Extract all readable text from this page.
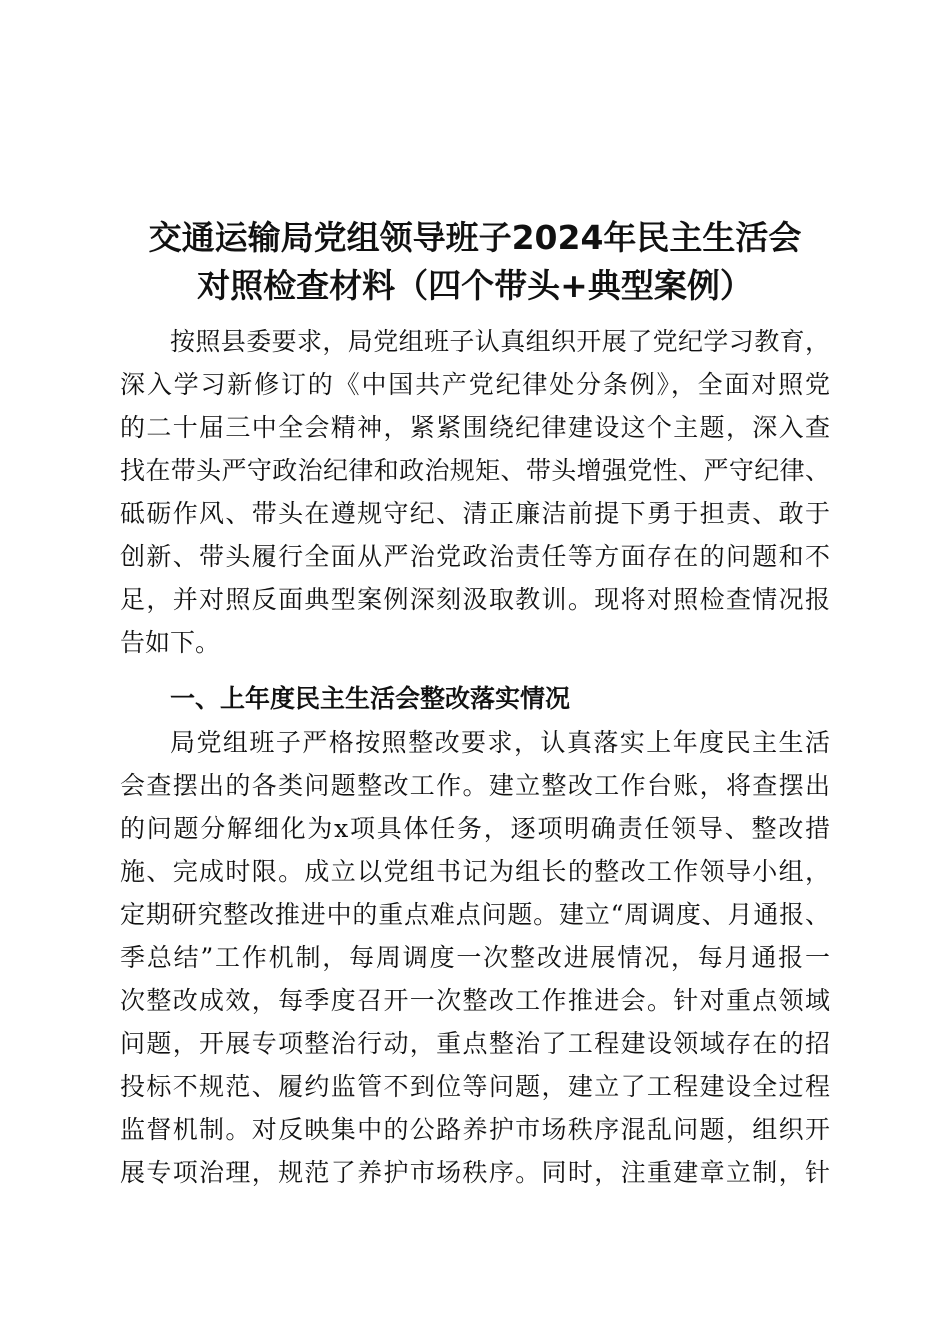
交通运输局党组领导班子2024年民主生活会
对照检查材料（四个带头+典型案例）
按照县委要求，局党组班子认真组织开展了党纪学习教育，
深入学习新修订的《中国共产党纪律处分条例》，全面对照党
的二十届三中全会精神，紧紧围绕纪律建设这个主题，深入查
找在带头严守政治纪律和政治规矩、带头增强党性、严守纪律、
砥砺作风、带头在遵规守纪、清正廉洁前提下勇于担责、敢于
创新、带头履行全面从严治党政治责任等方面存在的问题和不
足，并对照反面典型案例深刻汲取教训。现将对照检查情况报
告如下。
一、上年度民主生活会整改落实情况
局党组班子严格按照整改要求，认真落实上年度民主生活
会查摆出的各类问题整改工作。建立整改工作台账，将查摆出
的问题分解细化为x项具体任务，逐项明确责任领导、整改措
施、完成时限。成立以党组书记为组长的整改工作领导小组，
定期研究整改推进中的重点难点问题。建立“周调度、月通报、
季总结”工作机制，每周调度一次整改进展情况，每月通报一
次整改成效，每季度召开一次整改工作推进会。针对重点领域
问题，开展专项整治行动，重点整治了工程建设领域存在的招
投标不规范、履约监管不到位等问题，建立了工程建设全过程
监督机制。对反映集中的公路养护市场秩序混乱问题，组织开
展专项治理，规范了养护市场秩序。同时，注重建章立制，针
